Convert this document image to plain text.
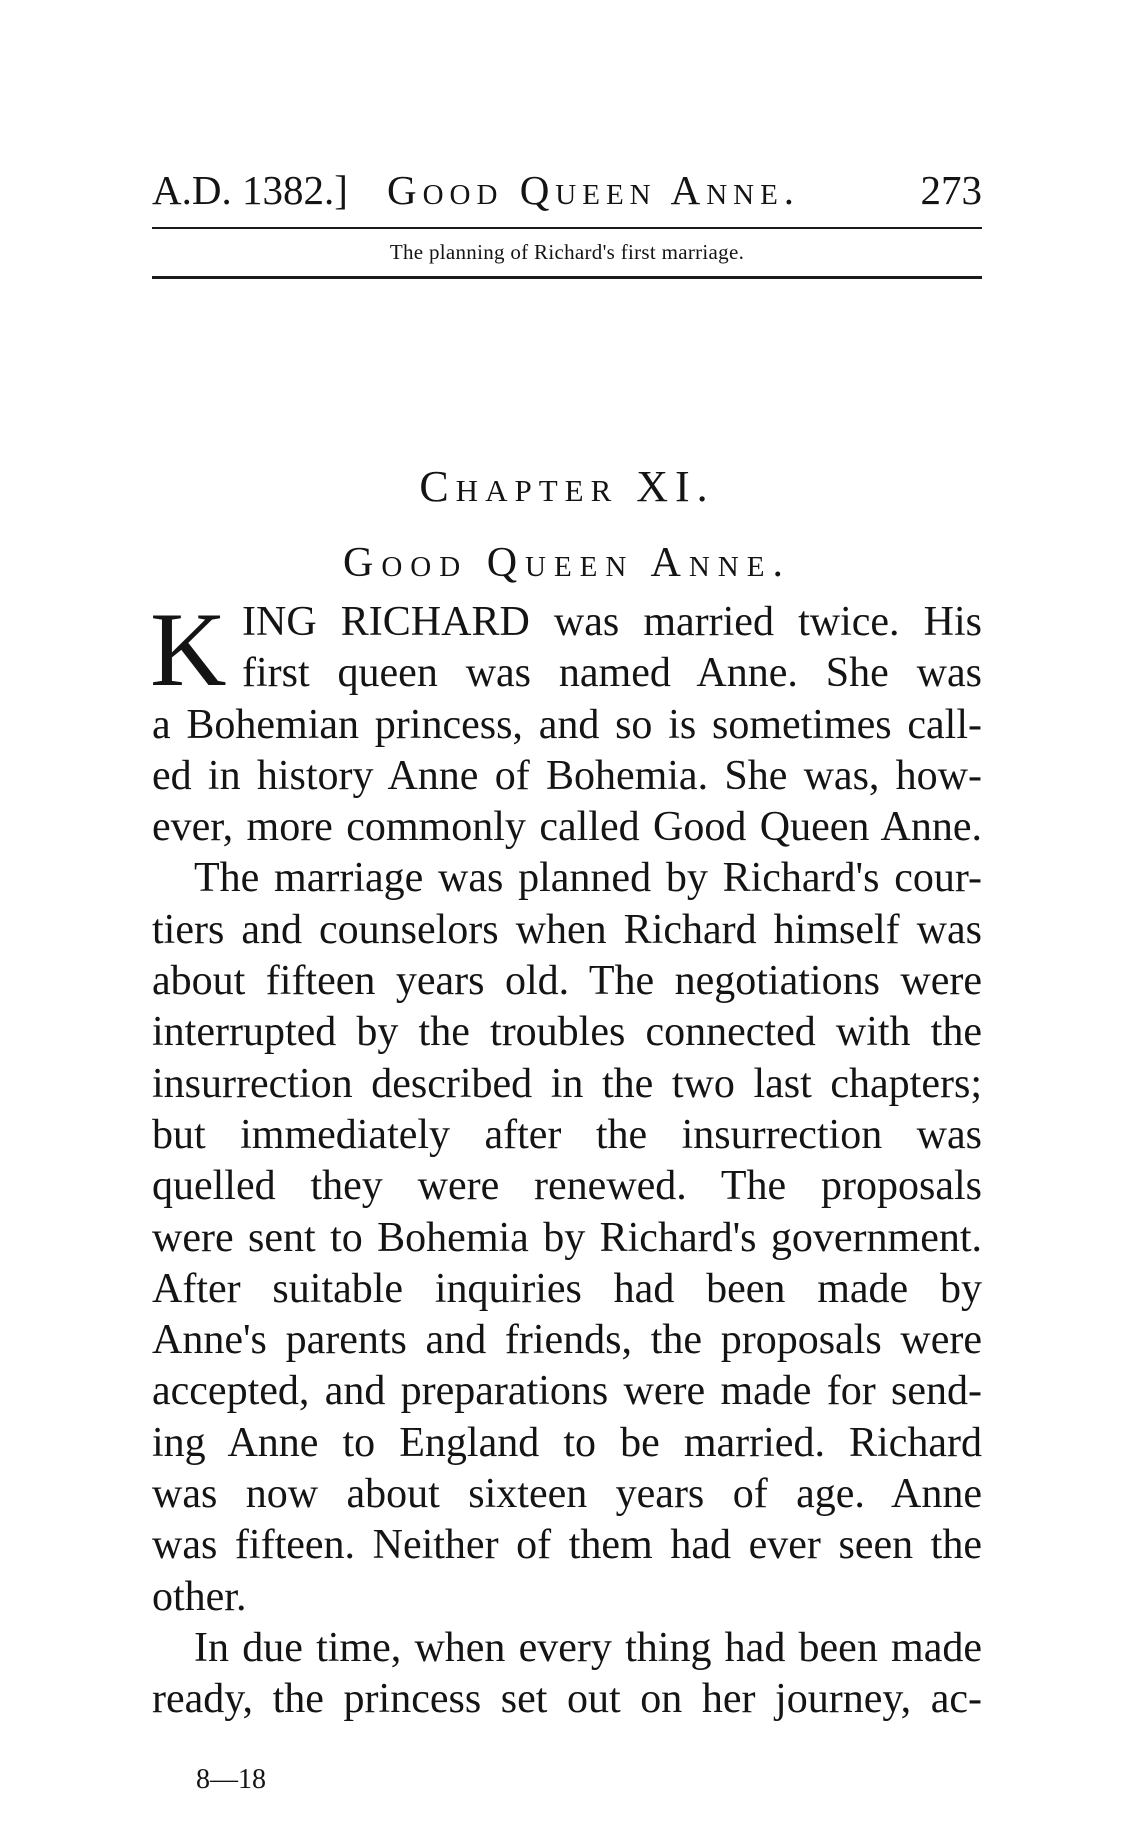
A.D. 1382.] Good Queen Anne.	273
The planning of Richard's first marriage.
Chapter XI.
Good Queen Anne.
K ING RICHARD was married twice. His
first queen was named Anne. She was
a Bohemian princess, and so is sometimes call-
ed in history Anne of Bohemia. She was, how-
ever, more commonly called Good Queen Anne.
The marriage was planned by Richard's cour-
tiers and counselors when Richard himself was
about fifteen years old. The negotiations were
interrupted by the troubles connected with the
insurrection described in the two last chapters;
but immediately after the insurrection was
quelled they were renewed. The proposals
were sent to Bohemia by Richard's government.
After suitable inquiries had been made by
Anne's parents and friends, the proposals were
accepted, and preparations were made for send-
ing Anne to England to be married. Richard
was now about sixteen years of age. Anne
was fifteen. Neither of them had ever seen the
other.
In due time, when every thing had been made
ready, the princess set out on her journey, ac-
8—18
